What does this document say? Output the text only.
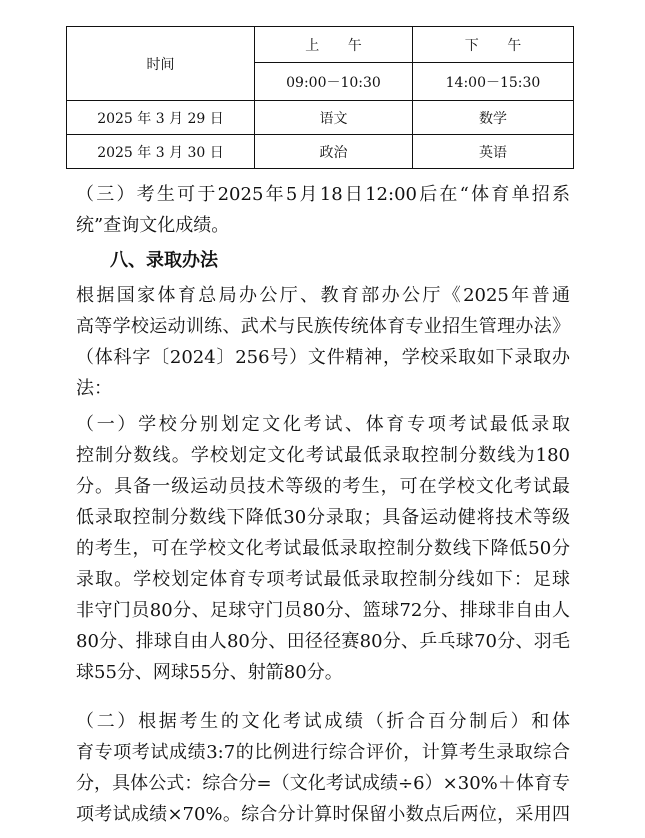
时间	上 午	下 午
	09:00－10:30	14:00－15:30
2025 年 3 月 29 日	语文	数学
2025 年 3 月 30 日	政治	英语

（三）考生可于2025年5月18日12:00后在“体育单招系

统”查询文化成绩。

八、录取办法

根据国家体育总局办公厅、教育部办公厅《2025年普通

高等学校运动训练、武术与民族传统体育专业招生管理办法》

（体科字〔2024〕256号）文件精神，学校采取如下录取办

法：

（一）学校分别划定文化考试、体育专项考试最低录取

控制分数线。学校划定文化考试最低录取控制分数线为180

分。具备一级运动员技术等级的考生，可在学校文化考试最

低录取控制分数线下降低30分录取；具备运动健将技术等级

的考生，可在学校文化考试最低录取控制分数线下降低50分

录取。学校划定体育专项考试最低录取控制分线如下：足球

非守门员80分、足球守门员80分、篮球72分、排球非自由人

80分、排球自由人80分、田径径赛80分、乒乓球70分、羽毛

球55分、网球55分、射箭80分。

（二）根据考生的文化考试成绩（折合百分制后）和体

育专项考试成绩3:7的比例进行综合评价，计算考生录取综合

分，具体公式：综合分=（文化考试成绩÷6）×30%＋体育专

项考试成绩×70%。综合分计算时保留小数点后两位，采用四
